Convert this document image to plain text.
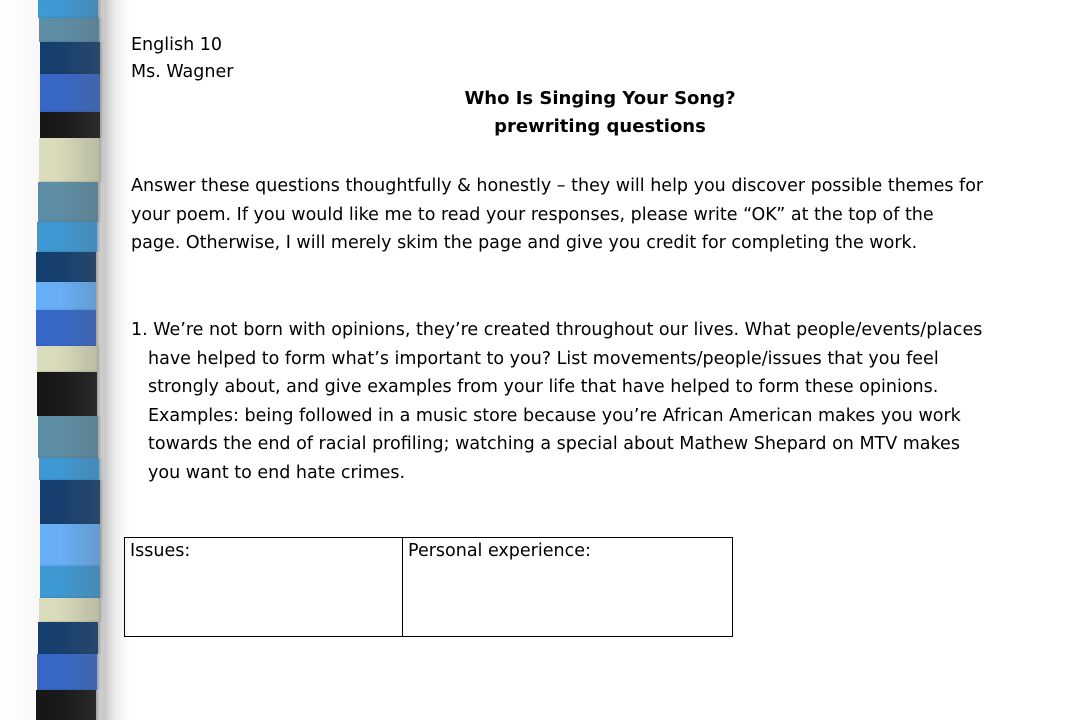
English 10
Ms. Wagner
Who Is Singing Your Song?
prewriting questions
Answer these questions thoughtfully & honestly – they will help you discover possible themes for
your poem. If you would like me to read your responses, please write “OK” at the top of the
page. Otherwise, I will merely skim the page and give you credit for completing the work.
1. We’re not born with opinions, they’re created throughout our lives. What people/events/places
have helped to form what’s important to you? List movements/people/issues that you feel
strongly about, and give examples from your life that have helped to form these opinions.
Examples: being followed in a music store because you’re African American makes you work
towards the end of racial profiling; watching a special about Mathew Shepard on MTV makes
you want to end hate crimes.
Issues:	Personal experience:
